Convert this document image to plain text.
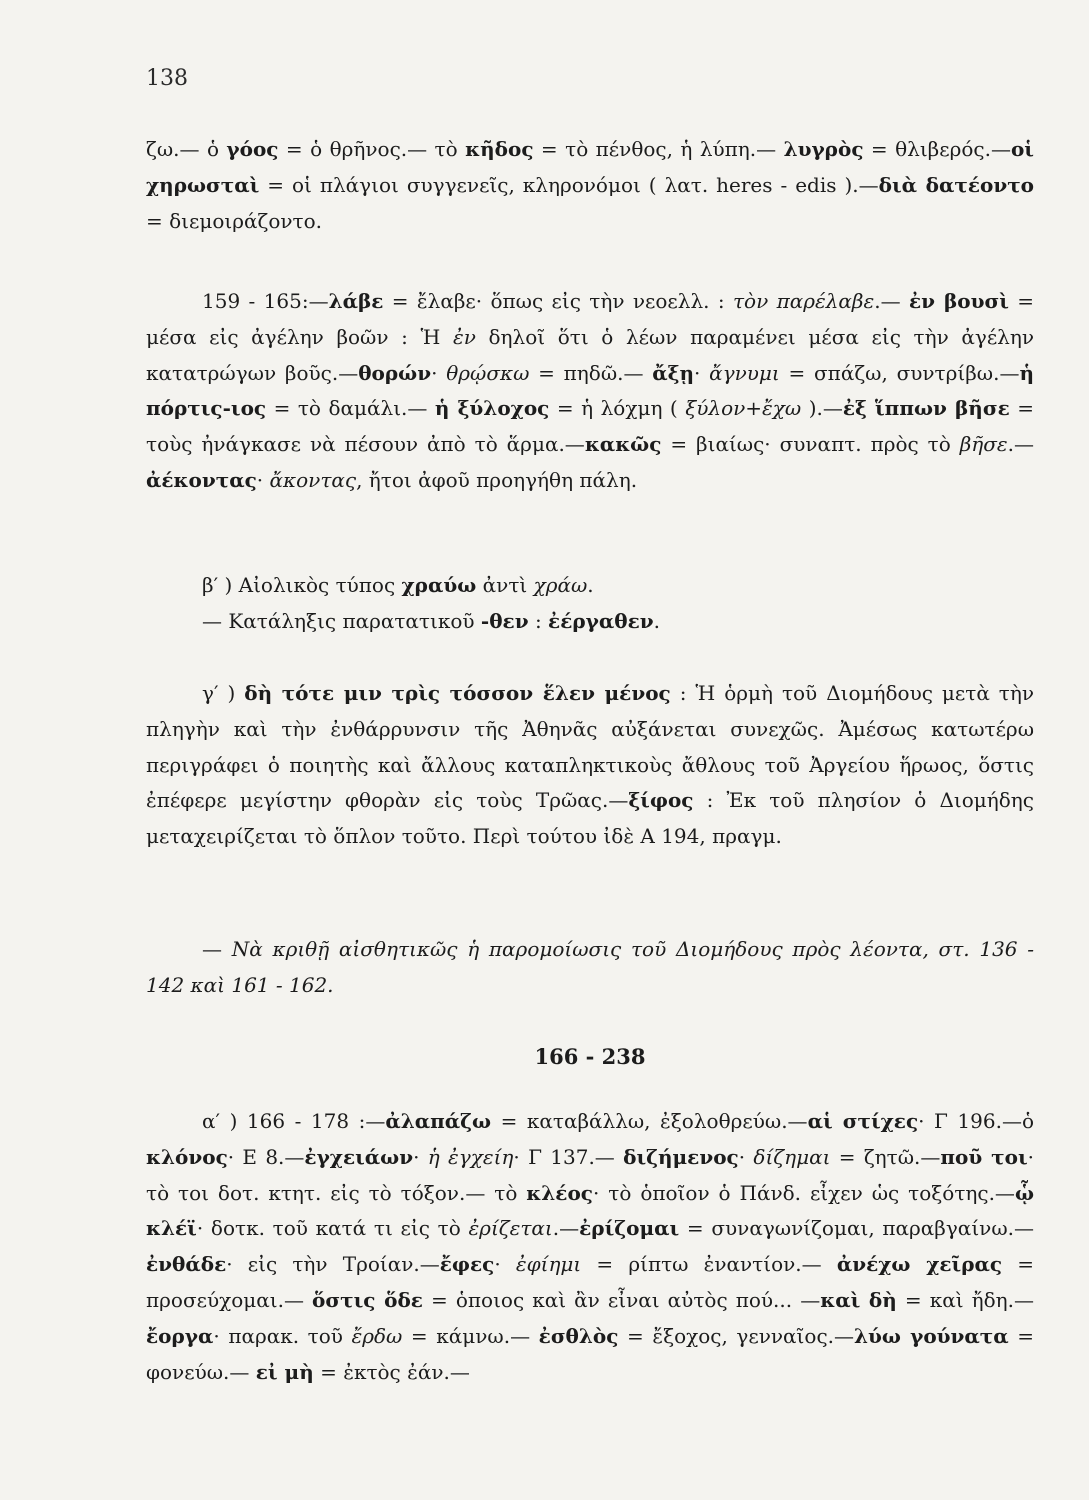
138

ζω.— ὁ γόος = ὁ θρῆνος.— τὸ κῆδος = τὸ πένθος, ἡ λύπη.— λυγρὸς = θλιβερός.—οἱ χηρωσταὶ = οἱ πλάγιοι συγγενεῖς, κληρονόμοι ( λατ. heres - edis ).—διὰ δατέοντο = διεμοιράζοντο.

159 - 165:—λάβε = ἔλαβε· ὅπως εἰς τὴν νεοελλ. : τὸν παρέλαβε.— ἐν βουσὶ = μέσα εἰς ἀγέλην βοῶν : Ἡ ἐν δηλοῖ ὅτι ὁ λέων παραμένει μέσα εἰς τὴν ἀγέλην κατατρώγων βοῦς.—θορών· θρῴσκω = πηδῶ.— ἄξῃ· ἄγνυμι = σπάζω, συντρίβω.—ἡ πόρτις-ιος = τὸ δαμάλι.— ἡ ξύλοχος = ἡ λόχμη ( ξύλον+ἔχω ).—ἐξ ἵππων βῆσε = τοὺς ἠνάγκασε νὰ πέσουν ἀπὸ τὸ ἅρμα.—κακῶς = βιαίως· συναπτ. πρὸς τὸ βῆσε.— ἀέκοντας· ἄκοντας, ἤτοι ἀφοῦ προηγήθη πάλη.

β′ ) Αἰολικὸς τύπος χραύω ἀντὶ χράω.

— Κατάληξις παρατατικοῦ -θεν : ἐέργαθεν.

γ′ ) δὴ τότε μιν τρὶς τόσσον ἕλεν μένος : Ἡ ὁρμὴ τοῦ Διομήδους μετὰ τὴν πληγὴν καὶ τὴν ἐνθάρρυνσιν τῆς Ἀθηνᾶς αὐξάνεται συνεχῶς. Ἀμέσως κατωτέρω περιγράφει ὁ ποιητὴς καὶ ἄλλους καταπληκτικοὺς ἄθλους τοῦ Ἀργείου ἥρωος, ὅστις ἐπέφερε μεγίστην φθορὰν εἰς τοὺς Τρῶας.—ξίφος : Ἐκ τοῦ πλησίον ὁ Διομήδης μεταχειρίζεται τὸ ὅπλον τοῦτο. Περὶ τούτου ἰδὲ Α 194, πραγμ.

— Νὰ κριθῇ αἰσθητικῶς ἡ παρομοίωσις τοῦ Διομήδους πρὸς λέοντα, στ. 136 - 142 καὶ 161 - 162.

α′ ) 166 - 178 :—ἀλαπάζω = καταβάλλω, ἐξολοθρεύω.—αἱ στίχες· Γ 196.—ὁ κλόνος· Ε 8.—ἐγχειάων· ἡ ἐγχείη· Γ 137.— διζήμενος· δίζημαι = ζητῶ.—ποῦ τοι· τὸ τοι δοτ. κτητ. εἰς τὸ τόξον.— τὸ κλέος· τὸ ὁποῖον ὁ Πάνδ. εἶχεν ὡς τοξότης.—ᾧ κλέϊ· δοτκ. τοῦ κατά τι εἰς τὸ ἐρίζεται.—ἐρίζομαι = συναγωνίζομαι, παραβγαίνω.— ἐνθάδε· εἰς τὴν Τροίαν.—ἔφες· ἐφίημι = ρίπτω ἐναντίον.— ἀνέχω χεῖρας = προσεύχομαι.— ὅστις ὅδε = ὁποιος καὶ ἂν εἶναι αὐτὸς πού... —καὶ δὴ = καὶ ἤδη.— ἔοργα· παρακ. τοῦ ἔρδω = κάμνω.— ἐσθλὸς = ἔξοχος, γενναῖος.—λύω γούνατα = φονεύω.— εἰ μὴ = ἐκτὸς ἐάν.—

166 - 238
